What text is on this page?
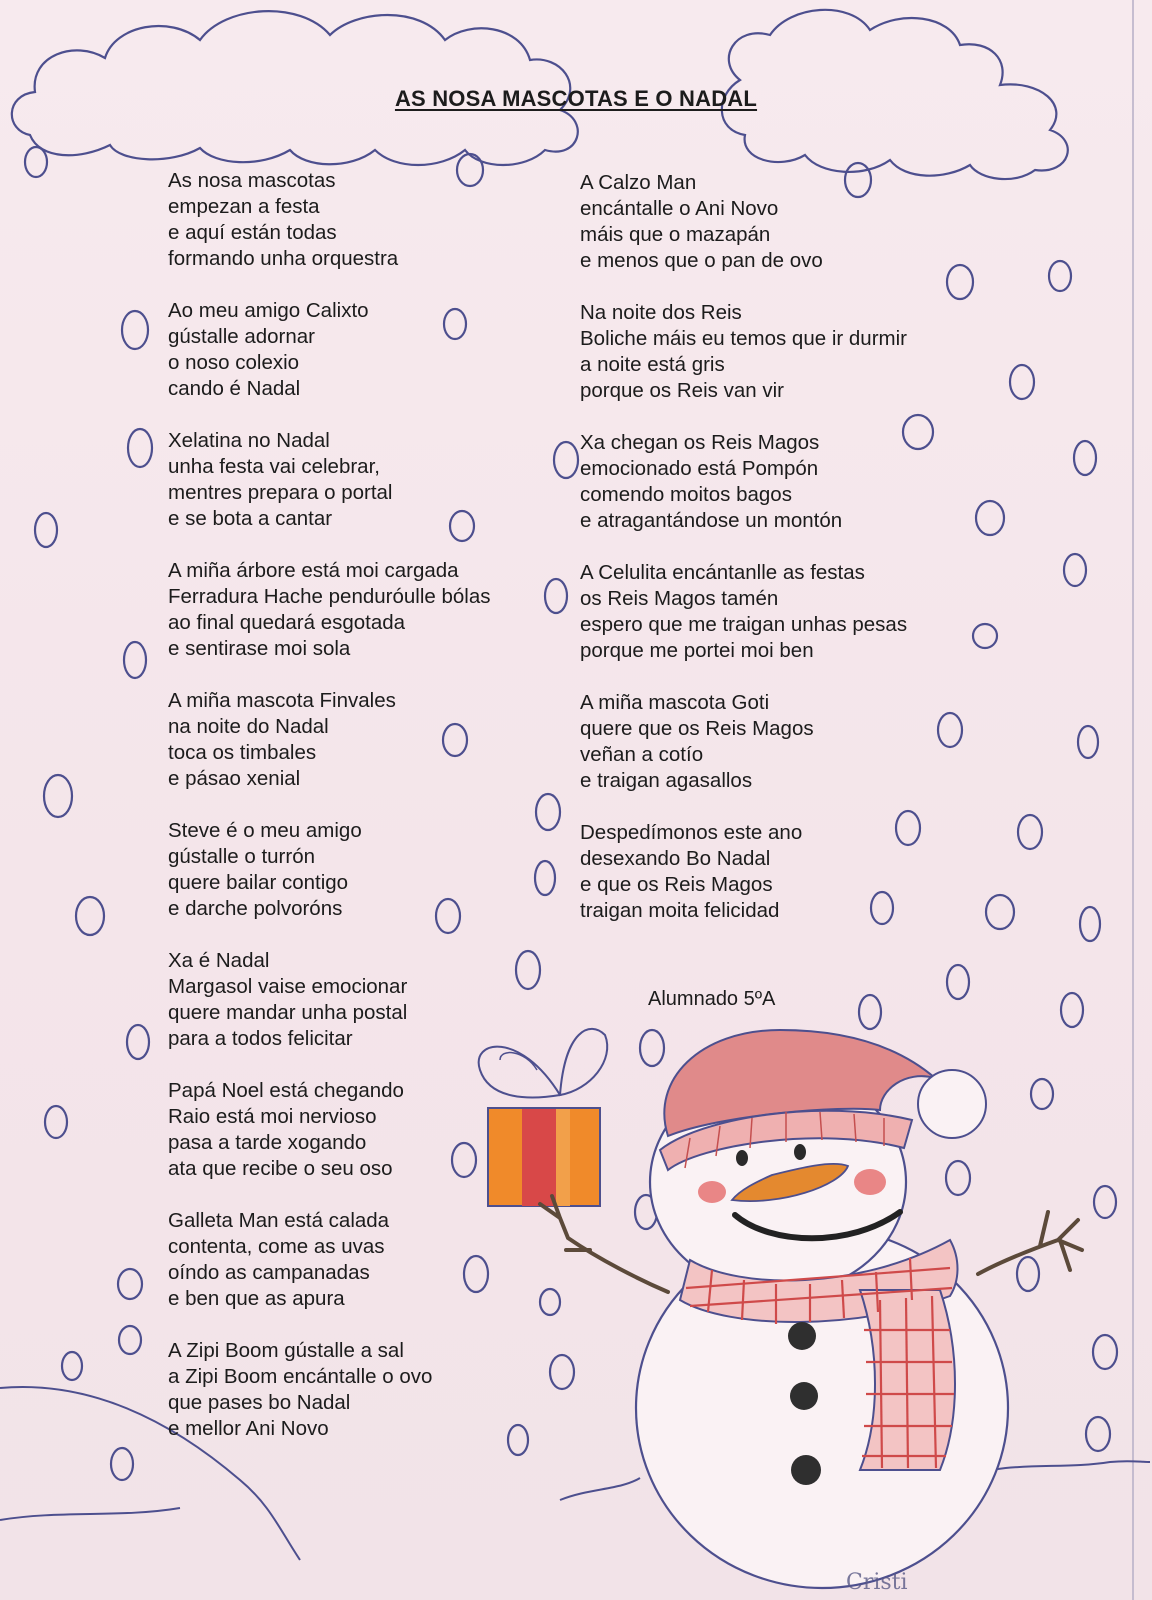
AS NOSA MASCOTAS E O NADAL
As nosa mascotas
empezan a festa
e aquí están todas
formando unha orquestra
Ao meu amigo Calixto
gústalle adornar
o noso colexio
cando é Nadal
Xelatina no Nadal
unha festa vai celebrar,
mentres prepara o portal
e se bota a cantar
A miña árbore está moi cargada
Ferradura Hache penduróulle bólas
ao final quedará esgotada
e sentirase moi sola
A miña mascota Finvales
na noite do Nadal
toca os timbales
e pásao xenial
Steve é o meu amigo
gústalle o turrón
quere bailar contigo
e darche polvoróns
Xa é Nadal
Margasol vaise emocionar
quere mandar unha postal
para a todos felicitar
Papá Noel está chegando
Raio está moi nervioso
pasa a tarde xogando
ata que recibe o seu oso
Galleta Man está calada
contenta, come as uvas
oíndo as campanadas
e ben que as apura
A Zipi Boom gústalle a sal
a Zipi Boom encántalle o ovo
que pases bo Nadal
e mellor Ani Novo
A Calzo Man
encántalle o Ani Novo
máis que o mazapán
e menos que o pan de ovo
Na noite dos Reis
Boliche máis eu temos que ir durmir
a noite está gris
porque os Reis van vir
Xa chegan os Reis Magos
emocionado está Pompón
comendo moitos bagos
e atragantándose un montón
A Celulita encántanlle as festas
os Reis Magos tamén
espero que me traigan unhas pesas
porque me portei moi ben
A miña mascota Goti
quere que os Reis Magos
veñan a cotío
e traigan agasallos
Despedímonos este ano
desexando Bo Nadal
e que os Reis Magos
traigan moita felicidad
Alumnado 5ºA
Cristi
